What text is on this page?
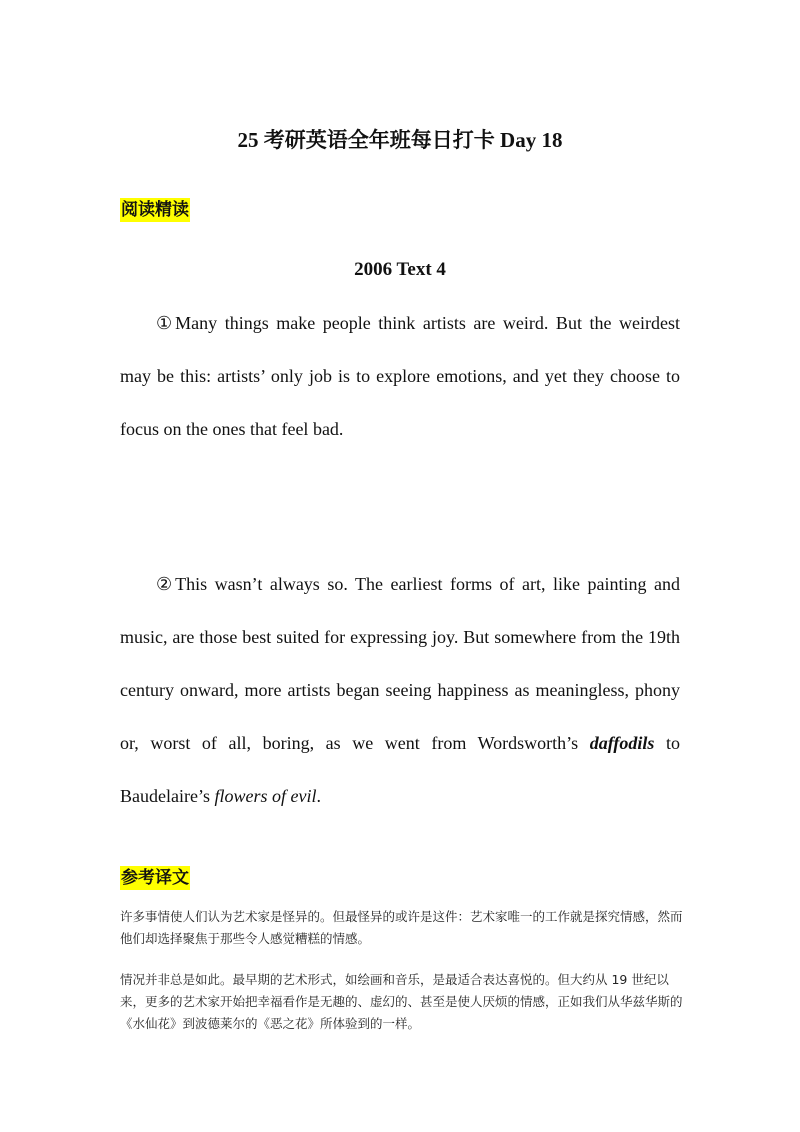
25 考研英语全年班每日打卡 Day 18
阅读精读
2006 Text 4

①Many things make people think artists are weird. But the weirdest may be this: artists’ only job is to explore emotions, and yet they choose to focus on the ones that feel bad.

②This wasn’t always so. The earliest forms of art, like painting and music, are those best suited for expressing joy. But somewhere from the 19th century onward, more artists began seeing happiness as meaningless, phony or, worst of all, boring, as we went from Wordsworth’s daffodils to Baudelaire’s flowers of evil.

参考译文

许多事情使人们认为艺术家是怪异的。但最怪异的或许是这件：艺术家唯一的工作就是探究情感，然而他们却选择聚焦于那些令人感觉糟糕的情感。

情况并非总是如此。最早期的艺术形式，如绘画和音乐，是最适合表达喜悦的。但大约从 19 世纪以来，更多的艺术家开始把幸福看作是无趣的、虚幻的、甚至是使人厌烦的情感，正如我们从华兹华斯的《水仙花》到波德莱尔的《恶之花》所体验到的一样。
